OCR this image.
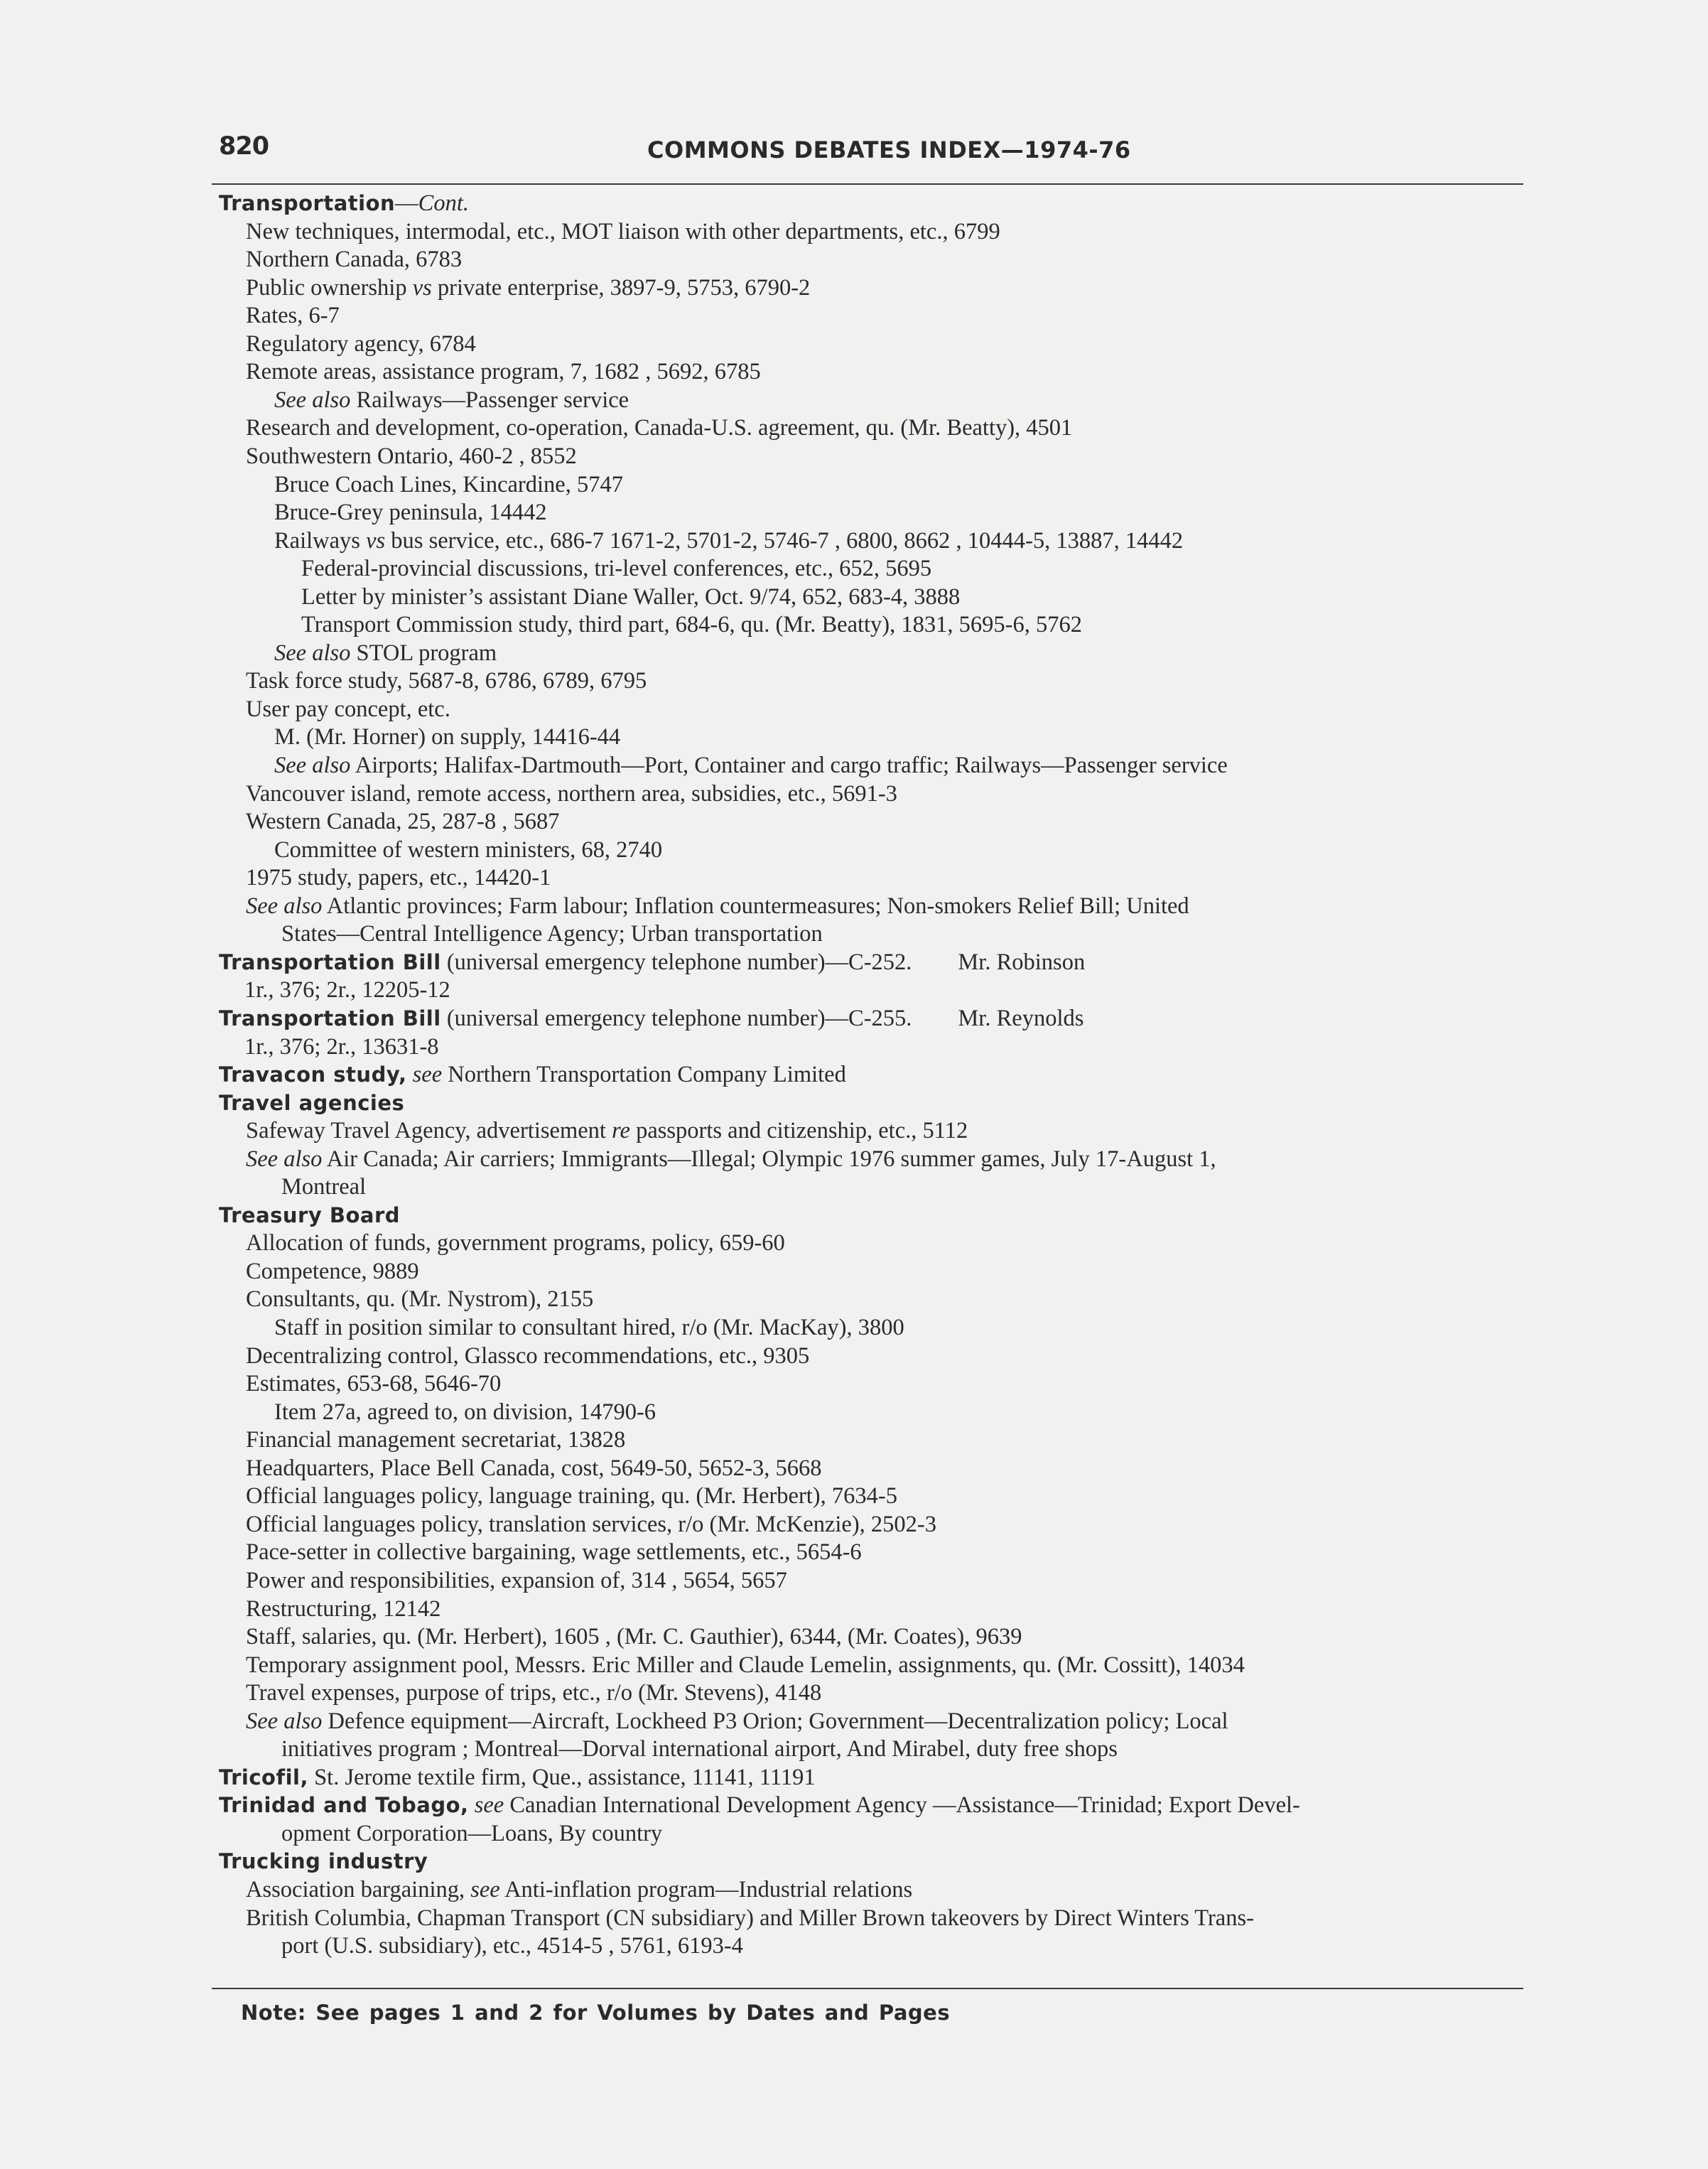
820	COMMONS DEBATES INDEX—1974-76
Transportation—Cont.
New techniques, intermodal, etc., MOT liaison with other departments, etc., 6799
Northern Canada, 6783
Public ownership vs private enterprise, 3897-9, 5753, 6790-2
Rates, 6-7
Regulatory agency, 6784
Remote areas, assistance program, 7, 1682 , 5692, 6785
See also Railways—Passenger service
Research and development, co-operation, Canada-U.S. agreement, qu. (Mr. Beatty), 4501
Southwestern Ontario, 460-2 , 8552
Bruce Coach Lines, Kincardine, 5747
Bruce-Grey peninsula, 14442
Railways vs bus service, etc., 686-7 1671-2, 5701-2, 5746-7 , 6800, 8662 , 10444-5, 13887, 14442
Federal-provincial discussions, tri-level conferences, etc., 652, 5695
Letter by minister’s assistant Diane Waller, Oct. 9/74, 652, 683-4, 3888
Transport Commission study, third part, 684-6, qu. (Mr. Beatty), 1831, 5695-6, 5762
See also STOL program
Task force study, 5687-8, 6786, 6789, 6795
User pay concept, etc.
M. (Mr. Horner) on supply, 14416-44
See also Airports; Halifax-Dartmouth—Port, Container and cargo traffic; Railways—Passenger service
Vancouver island, remote access, northern area, subsidies, etc., 5691-3
Western Canada, 25, 287-8 , 5687
Committee of western ministers, 68, 2740
1975 study, papers, etc., 14420-1
See also Atlantic provinces; Farm labour; Inflation countermeasures; Non-smokers Relief Bill; United
States—Central Intelligence Agency; Urban transportation
Transportation Bill (universal emergency telephone number)—C-252.  Mr. Robinson
1r., 376; 2r., 12205-12
Transportation Bill (universal emergency telephone number)—C-255.  Mr. Reynolds
1r., 376; 2r., 13631-8
Travacon study, see Northern Transportation Company Limited
Travel agencies
Safeway Travel Agency, advertisement re passports and citizenship, etc., 5112
See also Air Canada; Air carriers; Immigrants—Illegal; Olympic 1976 summer games, July 17-August 1,
Montreal
Treasury Board
Allocation of funds, government programs, policy, 659-60
Competence, 9889
Consultants, qu. (Mr. Nystrom), 2155
Staff in position similar to consultant hired, r/o (Mr. MacKay), 3800
Decentralizing control, Glassco recommendations, etc., 9305
Estimates, 653-68, 5646-70
Item 27a, agreed to, on division, 14790-6
Financial management secretariat, 13828
Headquarters, Place Bell Canada, cost, 5649-50, 5652-3, 5668
Official languages policy, language training, qu. (Mr. Herbert), 7634-5
Official languages policy, translation services, r/o (Mr. McKenzie), 2502-3
Pace-setter in collective bargaining, wage settlements, etc., 5654-6
Power and responsibilities, expansion of, 314 , 5654, 5657
Restructuring, 12142
Staff, salaries, qu. (Mr. Herbert), 1605 , (Mr. C. Gauthier), 6344, (Mr. Coates), 9639
Temporary assignment pool, Messrs. Eric Miller and Claude Lemelin, assignments, qu. (Mr. Cossitt), 14034
Travel expenses, purpose of trips, etc., r/o (Mr. Stevens), 4148
See also Defence equipment—Aircraft, Lockheed P3 Orion; Government—Decentralization policy; Local
initiatives program ; Montreal—Dorval international airport, And Mirabel, duty free shops
Tricofil, St. Jerome textile firm, Que., assistance, 11141, 11191
Trinidad and Tobago, see Canadian International Development Agency —Assistance—Trinidad; Export Devel-
opment Corporation—Loans, By country
Trucking industry
Association bargaining, see Anti-inflation program—Industrial relations
British Columbia, Chapman Transport (CN subsidiary) and Miller Brown takeovers by Direct Winters Trans-
port (U.S. subsidiary), etc., 4514-5 , 5761, 6193-4
Note: See pages 1 and 2 for Volumes by Dates and Pages
